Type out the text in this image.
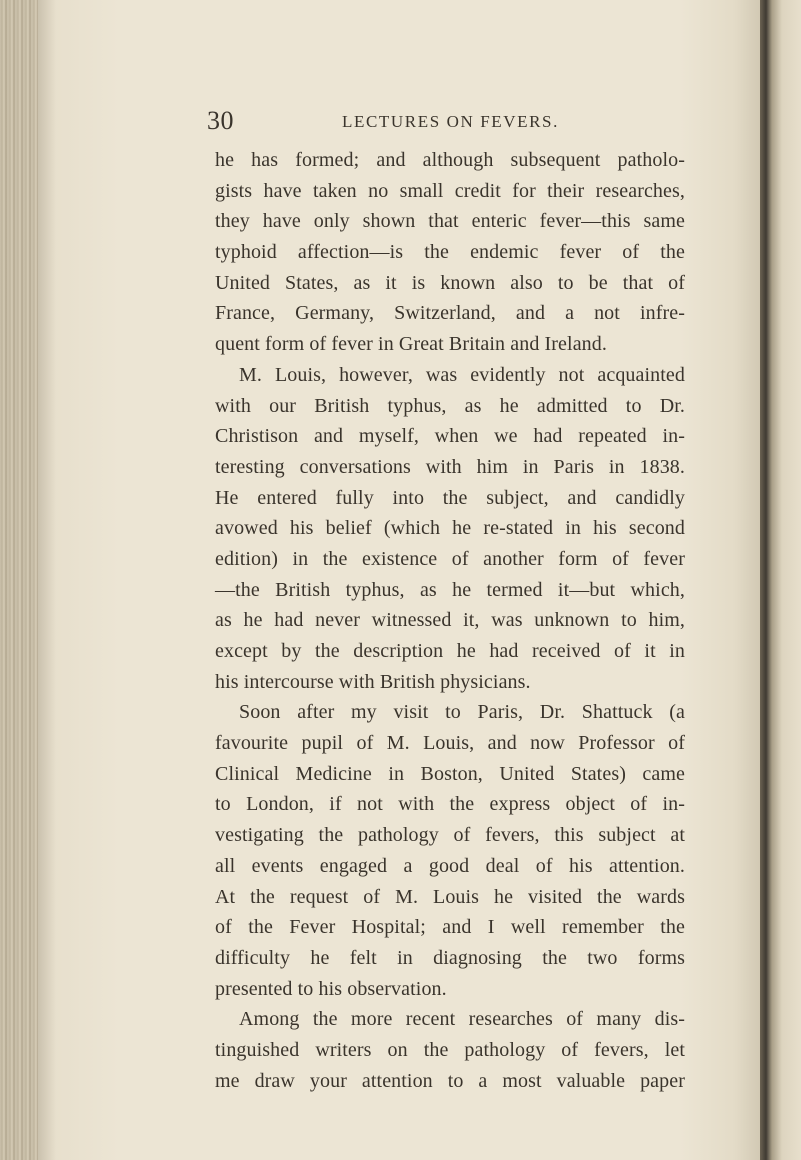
30	LECTURES ON FEVERS.
he has formed; and although subsequent patholo-
gists have taken no small credit for their researches,
they have only shown that enteric fever—this same
typhoid affection—is the endemic fever of the
United States, as it is known also to be that of
France, Germany, Switzerland, and a not infre-
quent form of fever in Great Britain and Ireland.
M. Louis, however, was evidently not acquainted
with our British typhus, as he admitted to Dr.
Christison and myself, when we had repeated in-
teresting conversations with him in Paris in 1838.
He entered fully into the subject, and candidly
avowed his belief (which he re-stated in his second
edition) in the existence of another form of fever
—the British typhus, as he termed it—but which,
as he had never witnessed it, was unknown to him,
except by the description he had received of it in
his intercourse with British physicians.
Soon after my visit to Paris, Dr. Shattuck (a
favourite pupil of M. Louis, and now Professor of
Clinical Medicine in Boston, United States) came
to London, if not with the express object of in-
vestigating the pathology of fevers, this subject at
all events engaged a good deal of his attention.
At the request of M. Louis he visited the wards
of the Fever Hospital; and I well remember the
difficulty he felt in diagnosing the two forms
presented to his observation.
Among the more recent researches of many dis-
tinguished writers on the pathology of fevers, let
me draw your attention to a most valuable paper
